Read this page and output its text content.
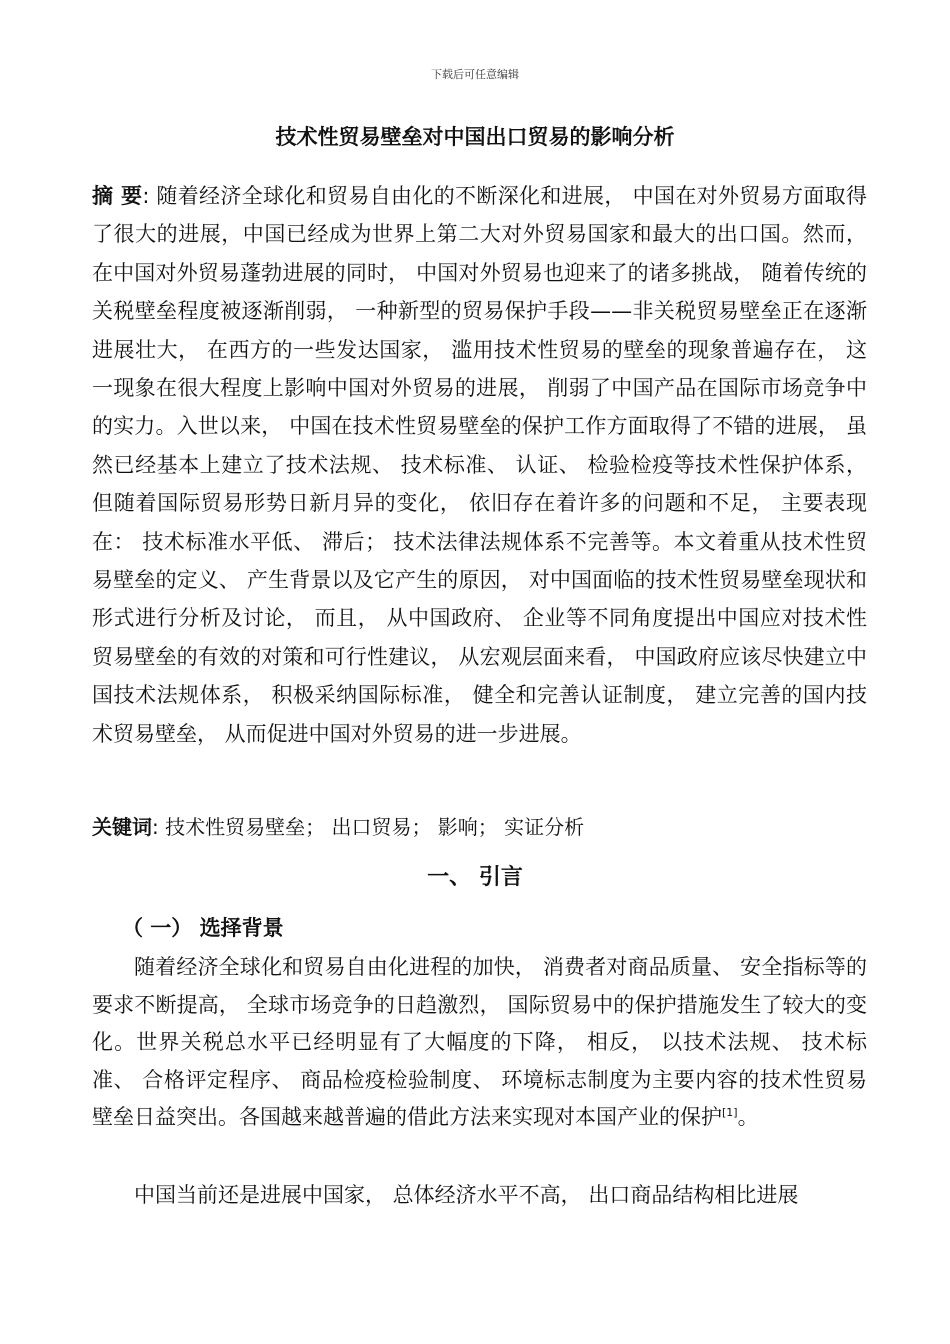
下载后可任意编辑
技术性贸易壁垒对中国出口贸易的影响分析

摘 要: 随着经济全球化和贸易自由化的不断深化和进展， 中国在对外贸易方面取得了很大的进展，中国已经成为世界上第二大对外贸易国家和最大的出口国。然而， 在中国对外贸易蓬勃进展的同时， 中国对外贸易也迎来了的诸多挑战， 随着传统的关税壁垒程度被逐渐削弱， 一种新型的贸易保护手段——非关税贸易壁垒正在逐渐进展壮大， 在西方的一些发达国家， 滥用技术性贸易的壁垒的现象普遍存在， 这一现象在很大程度上影响中国对外贸易的进展， 削弱了中国产品在国际市场竞争中的实力。入世以来， 中国在技术性贸易壁垒的保护工作方面取得了不错的进展， 虽然已经基本上建立了技术法规、 技术标准、 认证、 检验检疫等技术性保护体系， 但随着国际贸易形势日新月异的变化， 依旧存在着许多的问题和不足， 主要表现在： 技术标准水平低、 滞后； 技术法律法规体系不完善等。本文着重从技术性贸易壁垒的定义、 产生背景以及它产生的原因， 对中国面临的技术性贸易壁垒现状和形式进行分析及讨论， 而且， 从中国政府、 企业等不同角度提出中国应对技术性贸易壁垒的有效的对策和可行性建议， 从宏观层面来看， 中国政府应该尽快建立中国技术法规体系， 积极采纳国际标准， 健全和完善认证制度， 建立完善的国内技术贸易壁垒， 从而促进中国对外贸易的进一步进展。

关键词: 技术性贸易壁垒； 出口贸易； 影响； 实证分析

一、 引言
（ 一） 选择背景

随着经济全球化和贸易自由化进程的加快， 消费者对商品质量、 安全指标等的要求不断提高， 全球市场竞争的日趋激烈， 国际贸易中的保护措施发生了较大的变化。世界关税总水平已经明显有了大幅度的下降， 相反， 以技术法规、 技术标准、 合格评定程序、 商品检疫检验制度、 环境标志制度为主要内容的技术性贸易壁垒日益突出。各国越来越普遍的借此方法来实现对本国产业的保护[1]。

中国当前还是进展中国家， 总体经济水平不高， 出口商品结构相比进展
